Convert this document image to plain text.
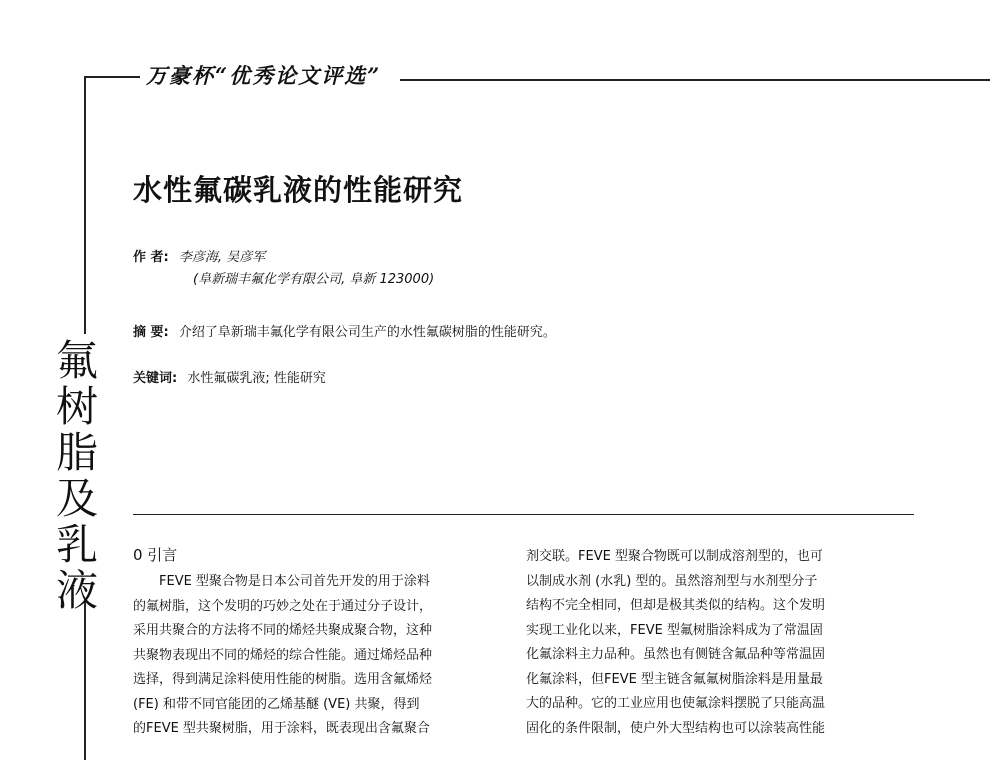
万豪杯“优秀论文评选”
氟
树
脂
及
乳
液
水性氟碳乳液的性能研究
作 者: 李彦海, 吴彦军
(阜新瑞丰氟化学有限公司, 阜新 123000)
摘 要: 介绍了阜新瑞丰氟化学有限公司生产的水性氟碳树脂的性能研究。
关键词: 水性氟碳乳液; 性能研究
0 引言

　　FEVE 型聚合物是日本公司首先开发的用于涂料

的氟树脂，这个发明的巧妙之处在于通过分子设计，

采用共聚合的方法将不同的烯烃共聚成聚合物，这种

共聚物表现出不同的烯烃的综合性能。通过烯烃品种

选择，得到满足涂料使用性能的树脂。选用含氟烯烃

(FE) 和带不同官能团的乙烯基醚 (VE) 共聚，得到

的FEVE 型共聚树脂，用于涂料，既表现出含氟聚合

剂交联。FEVE 型聚合物既可以制成溶剂型的，也可

以制成水剂 (水乳) 型的。虽然溶剂型与水剂型分子

结构不完全相同，但却是极其类似的结构。这个发明

实现工业化以来，FEVE 型氟树脂涂料成为了常温固

化氟涂料主力品种。虽然也有侧链含氟品种等常温固

化氟涂料，但FEVE 型主链含氟氟树脂涂料是用量最

大的品种。它的工业应用也使氟涂料摆脱了只能高温

固化的条件限制，使户外大型结构也可以涂装高性能
